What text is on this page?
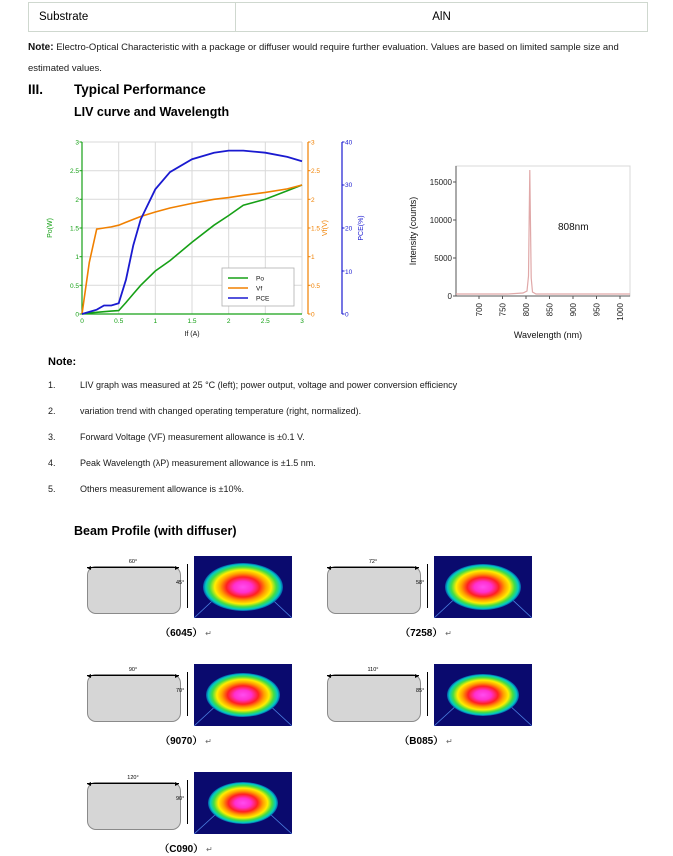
Substrate	AlN
Note: Electro-Optical Characteristic with a package or diffuser would require further evaluation. Values are based on limited sample size and estimated values.
III. Typical Performance
LIV curve and Wavelength
3
2.5
2
1.5
1
0.5
0
3
2.5
2
1.5
1
0.5
0
40
30
20
10
0
0	0.5	1	1.5	2	2.5	3
Po(W)	Vf(V)	PCE(%)
If (A)
Po
Vf
PCE	0
5000
10000
15000
700 750 800 850 900 950 1000
808nm
Intensity (counts)
Wavelength (nm)
Note:
1.	LIV graph was measured at 25 °C (left); power output, voltage and power conversion efficiency
2.	variation trend with changed operating temperature (right, normalized).
3.	Forward Voltage (VF) measurement allowance is ±0.1 V.
4.	Peak Wavelength (λP) measurement allowance is ±1.5 nm.
5.	Others measurement allowance is ±10%.
Beam Profile (with diffuser)
60°
45°
（6045） ↵
72°
58°
（7258） ↵
90°
70°
（9070） ↵
110°
85°
（B085） ↵
120°
90°
（C090） ↵
